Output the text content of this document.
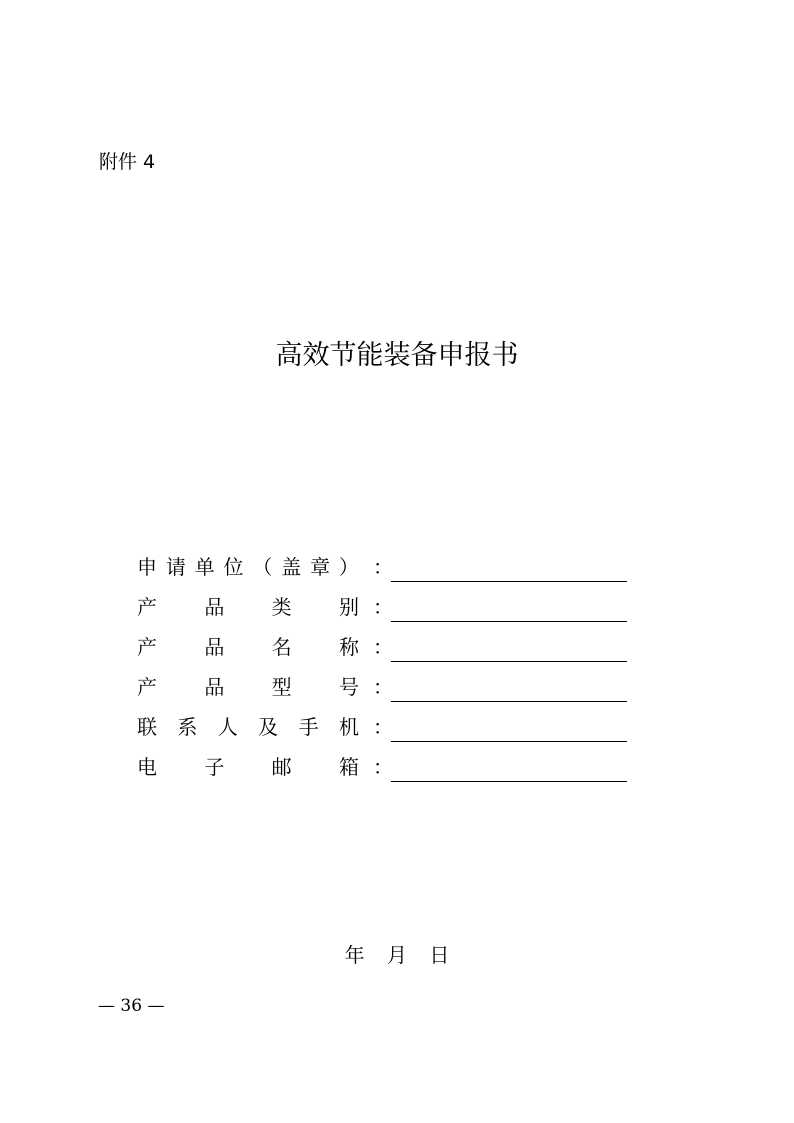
附件 4
高效节能装备申报书
申 请 单 位 （ 盖 章 ） ：
产 品 类 别 ：
产 品 名 称 ：
产 品 型 号 ：
联 系 人 及 手 机 ：
电 子 邮 箱 ：
年 月 日
— 36 —
